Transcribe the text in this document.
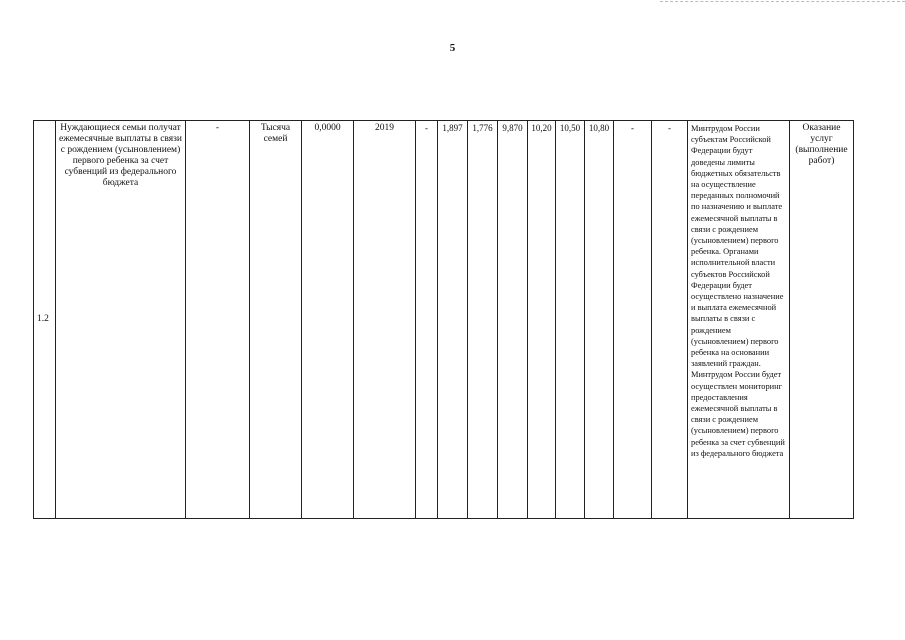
5
1.2	Нуждающиеся семьи получат ежемесячные выплаты в связи с рождением (усыновлением) первого ребенка за счет субвенций из федерального бюджета	-	Тысяча семей	0,0000	2019	-	1,897	1,776	9,870	10,20	10,50	10,80	-	-	Минтрудом России субъектам Российской Федерации будут доведены лимиты бюджетных обязательств на осуществление переданных полномочий по назначению и выплате ежемесячной выплаты в связи с рождением (усыновлением) первого ребенка. Органами исполнительной власти субъектов Российской Федерации будет осуществлено назначение и выплата ежемесячной выплаты в связи с рождением (усыновлением) первого ребенка на основании заявлений граждан. Минтрудом России будет осуществлен мониторинг предоставления ежемесячной выплаты в связи с рождением (усыновлением) первого ребенка за счет субвенций из федерального бюджета	Оказание услуг (выполнение работ)
